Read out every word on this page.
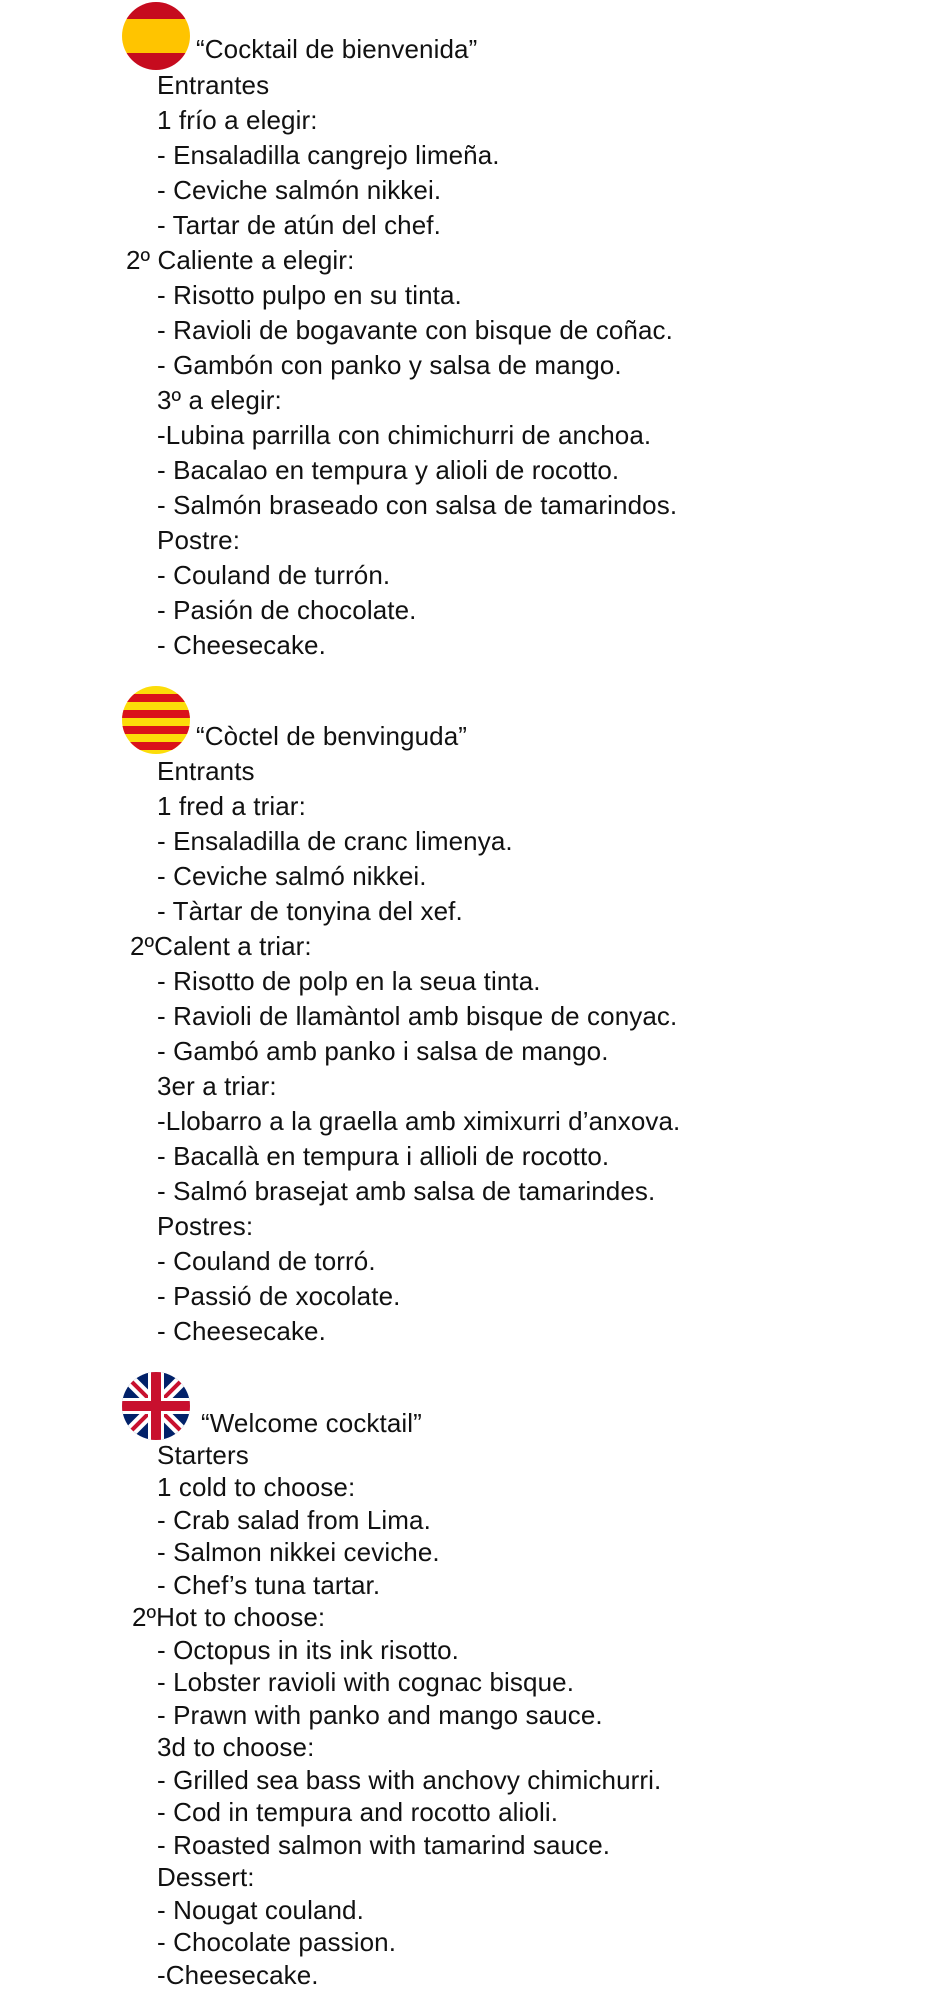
“Cocktail de bienvenida”
Entrantes
1 frío a elegir:
- Ensaladilla cangrejo limeña.
- Ceviche salmón nikkei.
- Tartar de atún del chef.
2º Caliente a elegir:
- Risotto pulpo en su tinta.
- Ravioli de bogavante con bisque de coñac.
- Gambón con panko y salsa de mango.
3º a elegir:
-Lubina parrilla con chimichurri de anchoa.
- Bacalao en tempura y alioli de rocotto.
- Salmón braseado con salsa de tamarindos.
Postre:
- Couland de turrón.
- Pasión de chocolate.
- Cheesecake.
“Còctel de benvinguda”
Entrants
1 fred a triar:
- Ensaladilla de cranc limenya.
- Ceviche salmó nikkei.
- Tàrtar de tonyina del xef.
2ºCalent a triar:
- Risotto de polp en la seua tinta.
- Ravioli de llamàntol amb bisque de conyac.
- Gambó amb panko i salsa de mango.
3er a triar:
-Llobarro a la graella amb ximixurri d’anxova.
- Bacallà en tempura i allioli de rocotto.
- Salmó brasejat amb salsa de tamarindes.
Postres:
- Couland de torró.
- Passió de xocolate.
- Cheesecake.
“Welcome cocktail”
Starters
1 cold to choose:
- Crab salad from Lima.
- Salmon nikkei ceviche.
- Chef’s tuna tartar.
2ºHot to choose:
- Octopus in its ink risotto.
- Lobster ravioli with cognac bisque.
- Prawn with panko and mango sauce.
3d to choose:
- Grilled sea bass with anchovy chimichurri.
- Cod in tempura and rocotto alioli.
- Roasted salmon with tamarind sauce.
Dessert:
- Nougat couland.
- Chocolate passion.
-Cheesecake.
